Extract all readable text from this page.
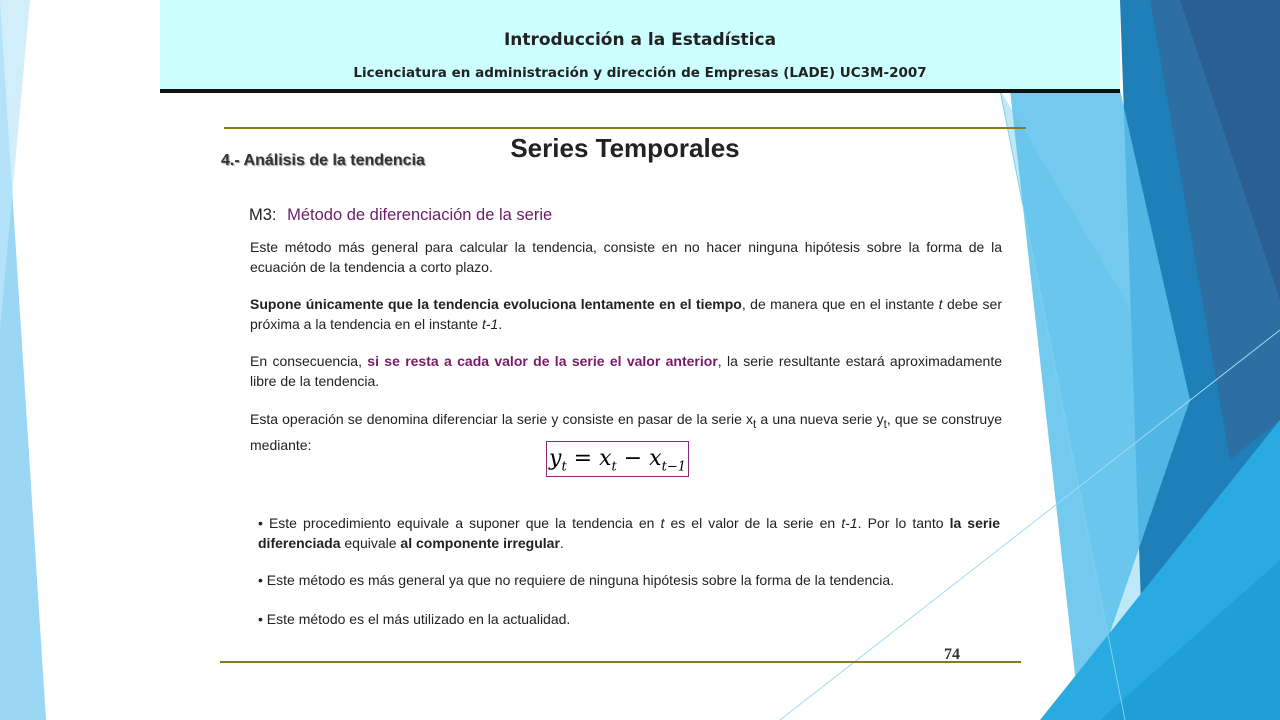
Introducción a la Estadística
Licenciatura en administración y dirección de Empresas (LADE) UC3M-2007
Series Temporales
4.- Análisis de la tendencia
M3: Método de diferenciación de la serie
Este método más general para calcular la tendencia, consiste en no hacer ninguna hipótesis sobre la forma de la ecuación de la tendencia a corto plazo.
Supone únicamente que la tendencia evoluciona lentamente en el tiempo, de manera que en el instante t debe ser próxima a la tendencia en el instante t-1.
En consecuencia, si se resta a cada valor de la serie el valor anterior, la serie resultante estará aproximadamente libre de la tendencia.
Esta operación se denomina diferenciar la serie y consiste en pasar de la serie $x_t$ a una nueva serie $y_t$, que se construye mediante:
$y_t = x_t - x_{t-1}$
• Este procedimiento equivale a suponer que la tendencia en t es el valor de la serie en t-1. Por lo tanto la serie diferenciada equivale al componente irregular.
• Este método es más general ya que no requiere de ninguna hipótesis sobre la forma de la tendencia.
• Este método es el más utilizado en la actualidad.
74
